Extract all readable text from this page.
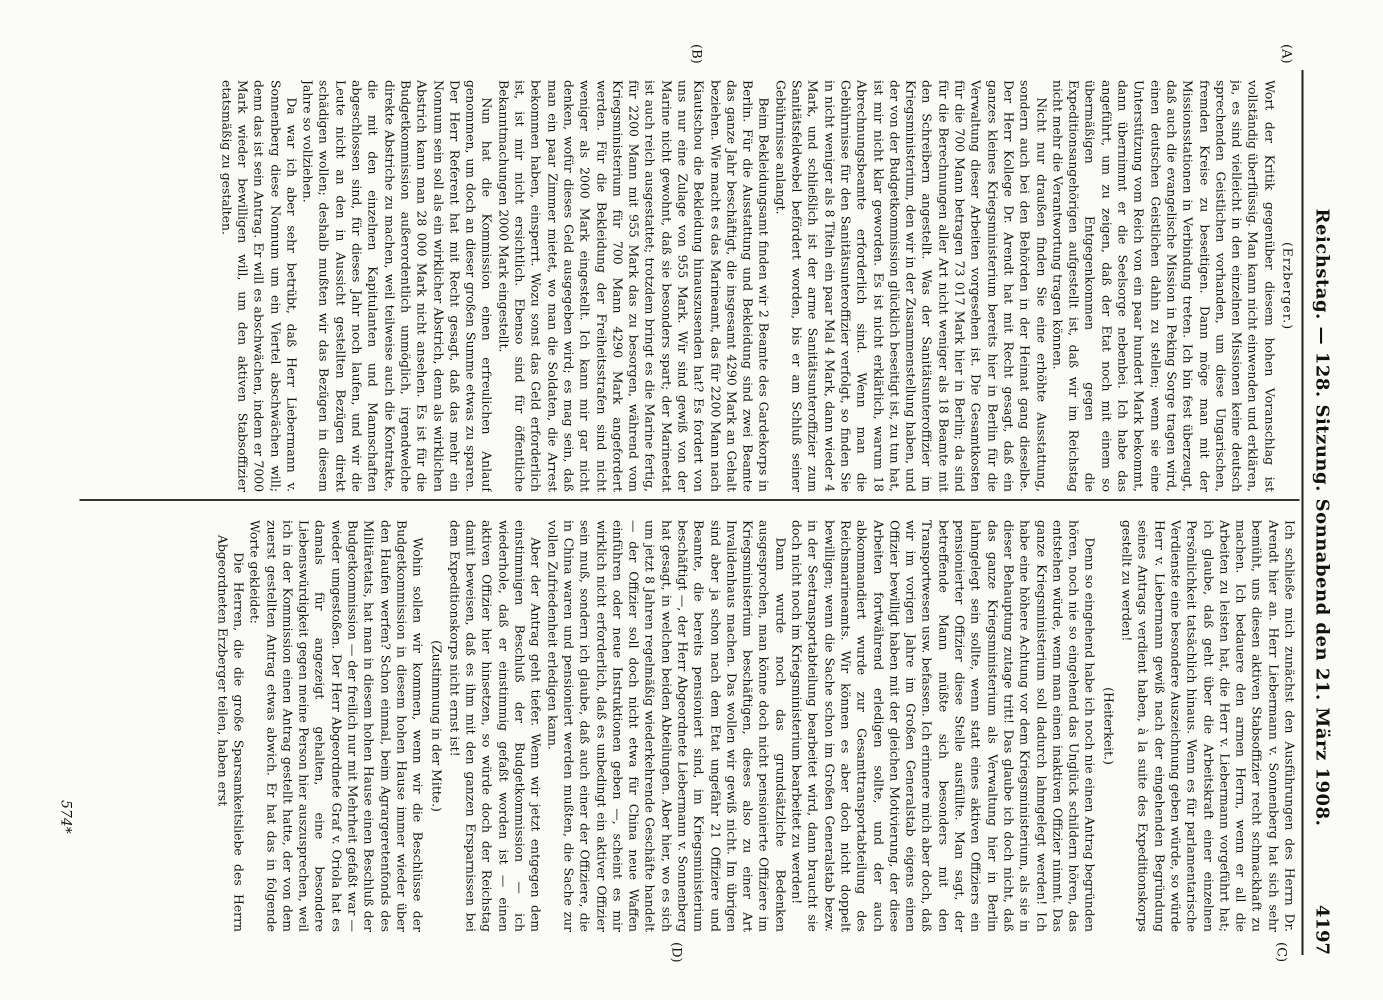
Reichstag. — 128. Sitzung. Sonnabend den 21. März 1908.
4197
(A)
(B)
(C)
(D)

(Erzberger.)

Wort der Kritik gegenüber diesem hohen Voranschlag ist vollständig überflüssig. Man kann nicht einwenden und erklären, ja, es sind vielleicht in den einzelnen Missionen keine deutsch sprechenden Geistlichen vorhanden, um diese Ungarischen, fremden Kreise zu beseitigen. Dann möge man mit der Missionsstationen in Verbindung treten. Ich bin fest überzeugt, daß auch die evangelische Mission in Peking Sorge tragen wird, einen deutschen Geistlichen dahin zu stellen; wenn sie eine Unterstützung vom Reich von ein paar hundert Mark bekommt, dann übernimmt er die Seelsorge nebenbei. Ich habe das angeführt, um zu zeigen, daß der Etat noch mit einem so übermäßigen Entgegenkommen gegen die Expeditionsangehörigen aufgestellt ist, daß wir im Reichstag nicht mehr die Verantwortung tragen können.

Nicht nur draußen finden Sie eine erhöhte Ausstattung, sondern auch bei den Behörden in der Heimat gang dieselbe. Der Herr Kollege Dr. Arendt hat mit Recht gesagt, daß ein ganzes kleines Kriegsministerium bereits hier in Berlin für die Verwaltung dieser Arbeiten vorgesehen ist. Die Gesamtkosten für die 700 Mann betragen 73 017 Mark hier in Berlin; da sind für die Berechnungen aller Art nicht weniger als 18 Beamte mit den Schreibern angestellt. Was der Sanitätsunteroffizier im Kriegsministerium, den wir in der Zusammenstellung haben, und der von der Budgetkommission glücklich beseitigt ist, zu tun hat, ist mir nicht klar geworden. Es ist nicht erklärlich, warum 18 Abrechnungsbeamte erforderlich sind. Wenn man die Gebührnisse für den Sanitätsunteroffizier verfolgt, so finden Sie in nicht weniger als 8 Titeln ein paar Mal 4 Mark, dann wieder 4 Mark, und schließlich ist der arme Sanitätsunteroffizier zum Sanitätsfeldwebel befördert worden, bis er am Schluß seiner Gebührnisse anlangt.

Beim Bekleidungsamt finden wir 2 Beamte des Gardekorps in Berlin. Für die Ausstattung und Bekleidung sind zwei Beamte das ganze Jahr beschäftigt, die insgesamt 4290 Mark an Gehalt beziehen. Wie macht es das Marineamt, das für 2200 Mann nach Kiautschou die Bekleidung hinauszusenden hat? Es fordert von uns nur eine Zulage von 955 Mark. Wir sind gewiß von der Marine nicht gewohnt, daß sie besonders spart; der Marineetat ist auch reich ausgestattet; trotzdem bringt es die Marine fertig, für 2200 Mann mit 955 Mark das zu besorgen, während vom Kriegsministerium für 700 Mann 4290 Mark angefordert werden. Für die Bekleidung der Freiheitsstrafen sind nicht weniger als 2000 Mark eingestellt. Ich kann mir gar nicht denken, wofür dieses Geld ausgegeben wird; es mag sein, daß man ein paar Zimmer mietet, wo man die Soldaten, die Arrest bekommen haben, einsperrt. Wozu sonst das Geld erforderlich ist, ist mir nicht ersichtlich. Ebenso sind für öffentliche Bekanntmachungen 2000 Mark eingestellt.

Nun hat die Kommission einen erfreulichen Anlauf genommen, um doch an dieser großen Summe etwas zu sparen. Der Herr Referent hat mit Recht gesagt, daß das mehr ein Nonnum sein soll als ein wirklicher Abstrich, denn als wirklichen Abstrich kann man 28 000 Mark nicht ansehen. Es ist für die Budgetkommission außerordentlich unmöglich, irgendwelche direkte Abstriche zu machen, weil teilweise auch die Kontrakte, die mit den einzelnen Kapitulanten und Mannschaften abgeschlossen sind, für dieses Jahr noch laufen, und wir die Leute nicht an den in Aussicht gestellten Bezügen direkt schädigen wollen; deshalb mußten wir das Bezügen in diesem Jahre so vollziehen.

Da war ich aber sehr betrübt, daß Herr Liebermann v. Sonnenberg diese Nonnum um ein Viertel abschwächen will; denn das ist sein Antrag. Er will es abschwächen, indem er 7000 Mark wieder bewilligen will, um den aktiven Stabsoffizier etatsmäßig zu gestalten.

Ich schließe mich zunächst den Ausführungen des Herrn Dr. Arendt hier an. Herr Liebermann v. Sonnenberg hat sich sehr bemüht, uns diesen aktiven Stabsoffizier recht schmackhaft zu machen. Ich bedauere den armen Herrn, wenn er all die Arbeiten zu leisten hat, die Herr v. Liebermann vorgeführt hat; ich glaube, daß geht über die Arbeitskraft einer einzelnen Persönlichkeit tatsächlich hinaus. Wenn es für parlamentarische Verdienste eine besondere Auszeichnung geben würde, so würde Herr v. Liebermann gewiß nach der eingehenden Begründung seines Antrags verdient haben, à la suite des Expeditionskorps gestellt zu werden!

(Heiterkeit.)

Denn so eingehend habe ich noch nie einen Antrag begründen hören, noch nie so eingehend das Unglück schildern hören, das entstehen würde, wenn man einen inaktiven Offizier nimmt. Das ganze Kriegsministerium soll dadurch lahmgelegt werden! Ich habe eine höhere Achtung vor dem Kriegsministerium, als sie in dieser Behauptung zutage tritt! Das glaube ich doch nicht, daß das ganze Kriegsministerium als Verwaltung hier in Berlin lahmgelegt sein sollte, wenn statt eines aktiven Offiziers ein pensionierter Offizier diese Stelle ausfüllte. Man sagt, der betreffende Mann müßte sich besonders mit den Transportwesen usw. befassen. Ich erinnere mich aber doch, daß wir im vorigen Jahre im Großen Generalstab eigens einen Offizier bewilligt haben mit der gleichen Motivierung, der diese Arbeiten fortwährend erledigen sollte, und der auch abkommandiert wurde zur Gesamttransportabteilung des Reichsmarineamts. Wir können es aber doch nicht doppelt bewilligen; wenn die Sache schon im Großen Generalstab bezw. in der Seetransportabteilung bearbeitet wird, dann braucht sie doch nicht noch im Kriegsministerium bearbeitet zu werden!

Dann wurde noch das grundsätzliche Bedenken ausgesprochen, man könne doch nicht pensionierte Offiziere im Kriegsministerium beschäftigen, dieses also zu einer Art Invalidenhaus machen. Das wollen wir gewiß nicht. Im übrigen sind aber ja schon nach dem Etat ungefähr 21 Offiziere und Beamte, die bereits pensioniert sind, im Kriegsministerium beschäftigt —, der Herr Abgeordnete Liebermann v. Sonnenberg hat gesagt, in welchen beiden Abteilungen. Aber hier, wo es sich um jetzt 8 Jahren regelmäßig wiederkehrende Geschäfte handelt — der Offizier soll doch nicht etwa für China neue Waffen einführen oder neue Instruktionen geben —, scheint es mir wirklich nicht erforderlich, daß es unbedingt ein aktiver Offizier sein muß, sondern ich glaube, daß auch einer der Offiziere, die in China waren und pensioniert werden mußten, die Sache zur vollen Zufriedenheit erledigen kann.

Aber der Antrag geht tiefer. Wenn wir jetzt entgegen dem einstimmigen Beschluß der Budgetkommission — ich wiederhole, daß er einstimmig gefaßt worden ist — einen aktiven Offizier hier hinsetzen, so würde doch der Reichstag damit beweisen, daß es ihm mit den ganzen Ersparnissen bei dem Expeditionskorps nicht ernst ist!

(Zustimmung in der Mitte.)

Wohin sollen wir kommen, wenn wir die Beschlüsse der Budgetkommission in diesem hohen Hause immer wieder über den Haufen werfen? Schon einmal, beim Agrargeretenfonds des Militäretats, hat man in diesem hohen Hause einen Beschluß der Budgetkommission — der freilich nur mit Mehrheit gefaßt war — wieder umgestoßen. Der Herr Abgeordnete Graf v. Oriola hat es damals für angezeigt gehalten, eine besondere Liebenswürdigkeit gegen meine Person hier auszusprechen, weil ich in der Kommission einen Antrag gestellt hatte, der von dem zuerst gestellten Antrag etwas abwich. Er hat das in folgende Worte gekleidet:

Die Herren, die die große Sparsamkeitsliebe des Herrn Abgeordneten Erzberger teilen, haben erst

574*
